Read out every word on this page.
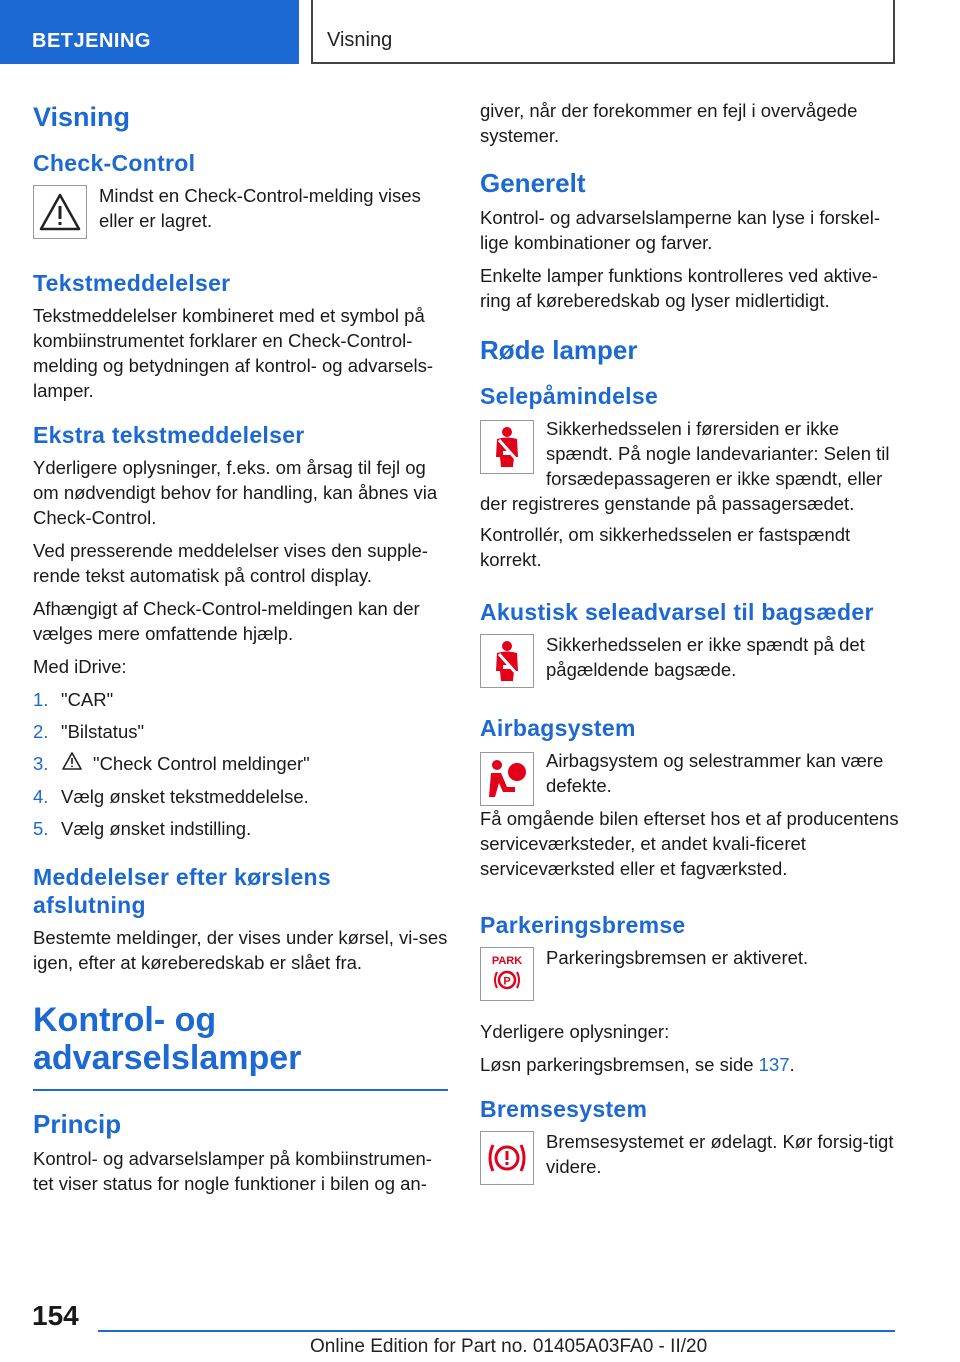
BETJENING	Visning
Visning
Check-Control
Mindst en Check-Control-melding vises eller er lagret.
Tekstmeddelelser

Tekstmeddelelser kombineret med et symbol på kombiinstrumentet forklarer en Check-Control-melding og betydningen af kontrol- og advarsels-lamper.

Ekstra tekstmeddelelser

Yderligere oplysninger, f.eks. om årsag til fejl og om nødvendigt behov for handling, kan åbnes via Check-Control.

Ved presserende meddelelser vises den supple-rende tekst automatisk på control display.

Afhængigt af Check-Control-meldingen kan der vælges mere omfattende hjælp.

Med iDrive:

1. "CAR"
2. "Bilstatus"
3.	"Check Control meldinger"
4. Vælg ønsket tekstmeddelelse.
5. Vælg ønsket indstilling.
Meddelelser efter kørslens afslutning

Bestemte meldinger, der vises under kørsel, vi-ses igen, efter at køreberedskab er slået fra.

Kontrol- og
advarselslamper
Princip

Kontrol- og advarselslamper på kombiinstrumen-tet viser status for nogle funktioner i bilen og an-

giver, når der forekommer en fejl i overvågede systemer.

Generelt

Kontrol- og advarselslamperne kan lyse i forskel-lige kombinationer og farver.

Enkelte lamper funktions kontrolleres ved aktive-ring af køreberedskab og lyser midlertidigt.

Røde lamper
Selepåmindelse
Sikkerhedsselen i førersiden er ikke spændt. På nogle landevarianter: Selen til forsædepassageren er ikke spændt, eller der registreres genstande på passagersædet.

Kontrollér, om sikkerhedsselen er fastspændt korrekt.

Akustisk seleadvarsel til bagsæder
Sikkerhedsselen er ikke spændt på det pågældende bagsæde.
Airbagsystem
Airbagsystem og selestrammer kan være defekte.
Få omgående bilen efterset hos et af producentens serviceværksteder, et andet kvali-ficeret serviceværksted eller et fagværksted.
Parkeringsbremse
PARK
P
Parkeringsbremsen er aktiveret.

Yderligere oplysninger:

Løsn parkeringsbremsen, se side 137.

Bremsesystem
Bremsesystemet er ødelagt. Kør forsig-tigt videre.
154
Online Edition for Part no. 01405A03FA0 - II/20
